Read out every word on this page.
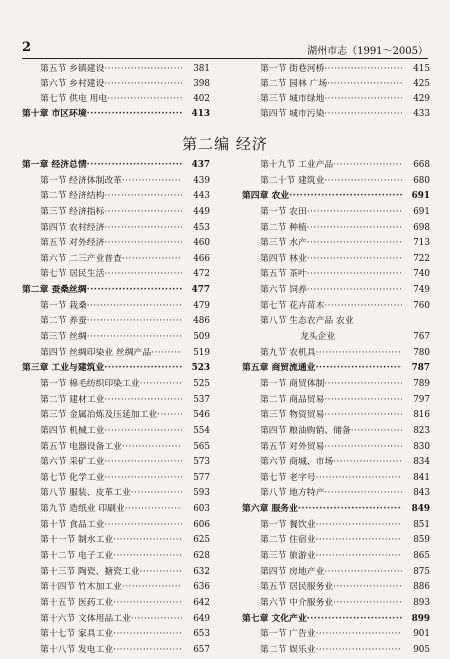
2	湖州市志（1991～2005）
第五节 乡镇建设 ·····	381
第六节 乡村建设 ·····	398
第七节 供电 用电 ·····	402
第十章 市区环境 ·····	413
第一节 街巷河桥 ·····	415
第二节 园林 广场 ·····	425
第三节 城市绿地 ·····	429
第四节 城市污染 ·····	433
第二编 经济
第一章 经济总情 ·····	437
第一节 经济体制改革 ·····	439
第二节 经济结构 ·····	443
第三节 经济指标 ·····	449
第四节 农村经济 ·····	453
第五节 对外经济 ·····	460
第六节 二三产业普查 ·····	466
第七节 居民生活 ·····	472
第二章 蚕桑丝绸 ·····	477
第一节 栽桑 ·····	479
第二节 养蚕 ·····	486
第三节 丝绸 ·····	509
第四节 丝绸印染业 丝绸产品 ·····	519
第三章 工业与建筑业 ·····	523
第一节 棉毛纺织印染工业 ·····	525
第二节 建材工业 ·····	537
第三节 金属冶炼及压延加工业 ·····	546
第四节 机械工业 ·····	554
第五节 电器设备工业 ·····	565
第六节 采矿工业 ·····	573
第七节 化学工业 ·····	577
第八节 服装、皮革工业 ·····	593
第九节 造纸业 印刷业 ·····	603
第十节 食品工业 ·····	606
第十一节 制水工业 ·····	625
第十二节 电子工业 ·····	628
第十三节 陶瓷、搪瓷工业 ·····	632
第十四节 竹木加工业 ·····	636
第十五节 医药工业 ·····	642
第十六节 文体用品工业 ·····	649
第十七节 家具工业 ·····	653
第十八节 发电工业 ·····	657
第十九节 工业产品 ·····	668
第二十节 建筑业 ·····	680
第四章 农业 ·····	691
第一节 农田 ·····	691
第二节 种植 ·····	698
第三节 水产 ·····	713
第四节 林业 ·····	722
第五节 茶叶 ·····	740
第六节 饲养 ·····	749
第七节 花卉苗木 ·····	760
第八节 生态农产品 农业
龙头企业	767
第九节 农机具 ·····	780
第五章 商贸流通业 ·····	787
第一节 商贸体制 ·····	789
第二节 商品贸易 ·····	797
第三节 物资贸易 ·····	816
第四节 粮油购销、储备 ·····	823
第五节 对外贸易 ·····	830
第六节 商城、市场 ·····	834
第七节 老字号 ·····	841
第八节 地方特产 ·····	843
第六章 服务业 ·····	849
第一节 餐饮业 ·····	851
第二节 住宿业 ·····	859
第三节 旅游业 ·····	865
第四节 房地产业 ·····	875
第五节 居民服务业 ·····	886
第六节 中介服务业 ·····	893
第七章 文化产业 ·····	899
第一节 广告业 ·····	901
第二节 娱乐业 ·····	905
